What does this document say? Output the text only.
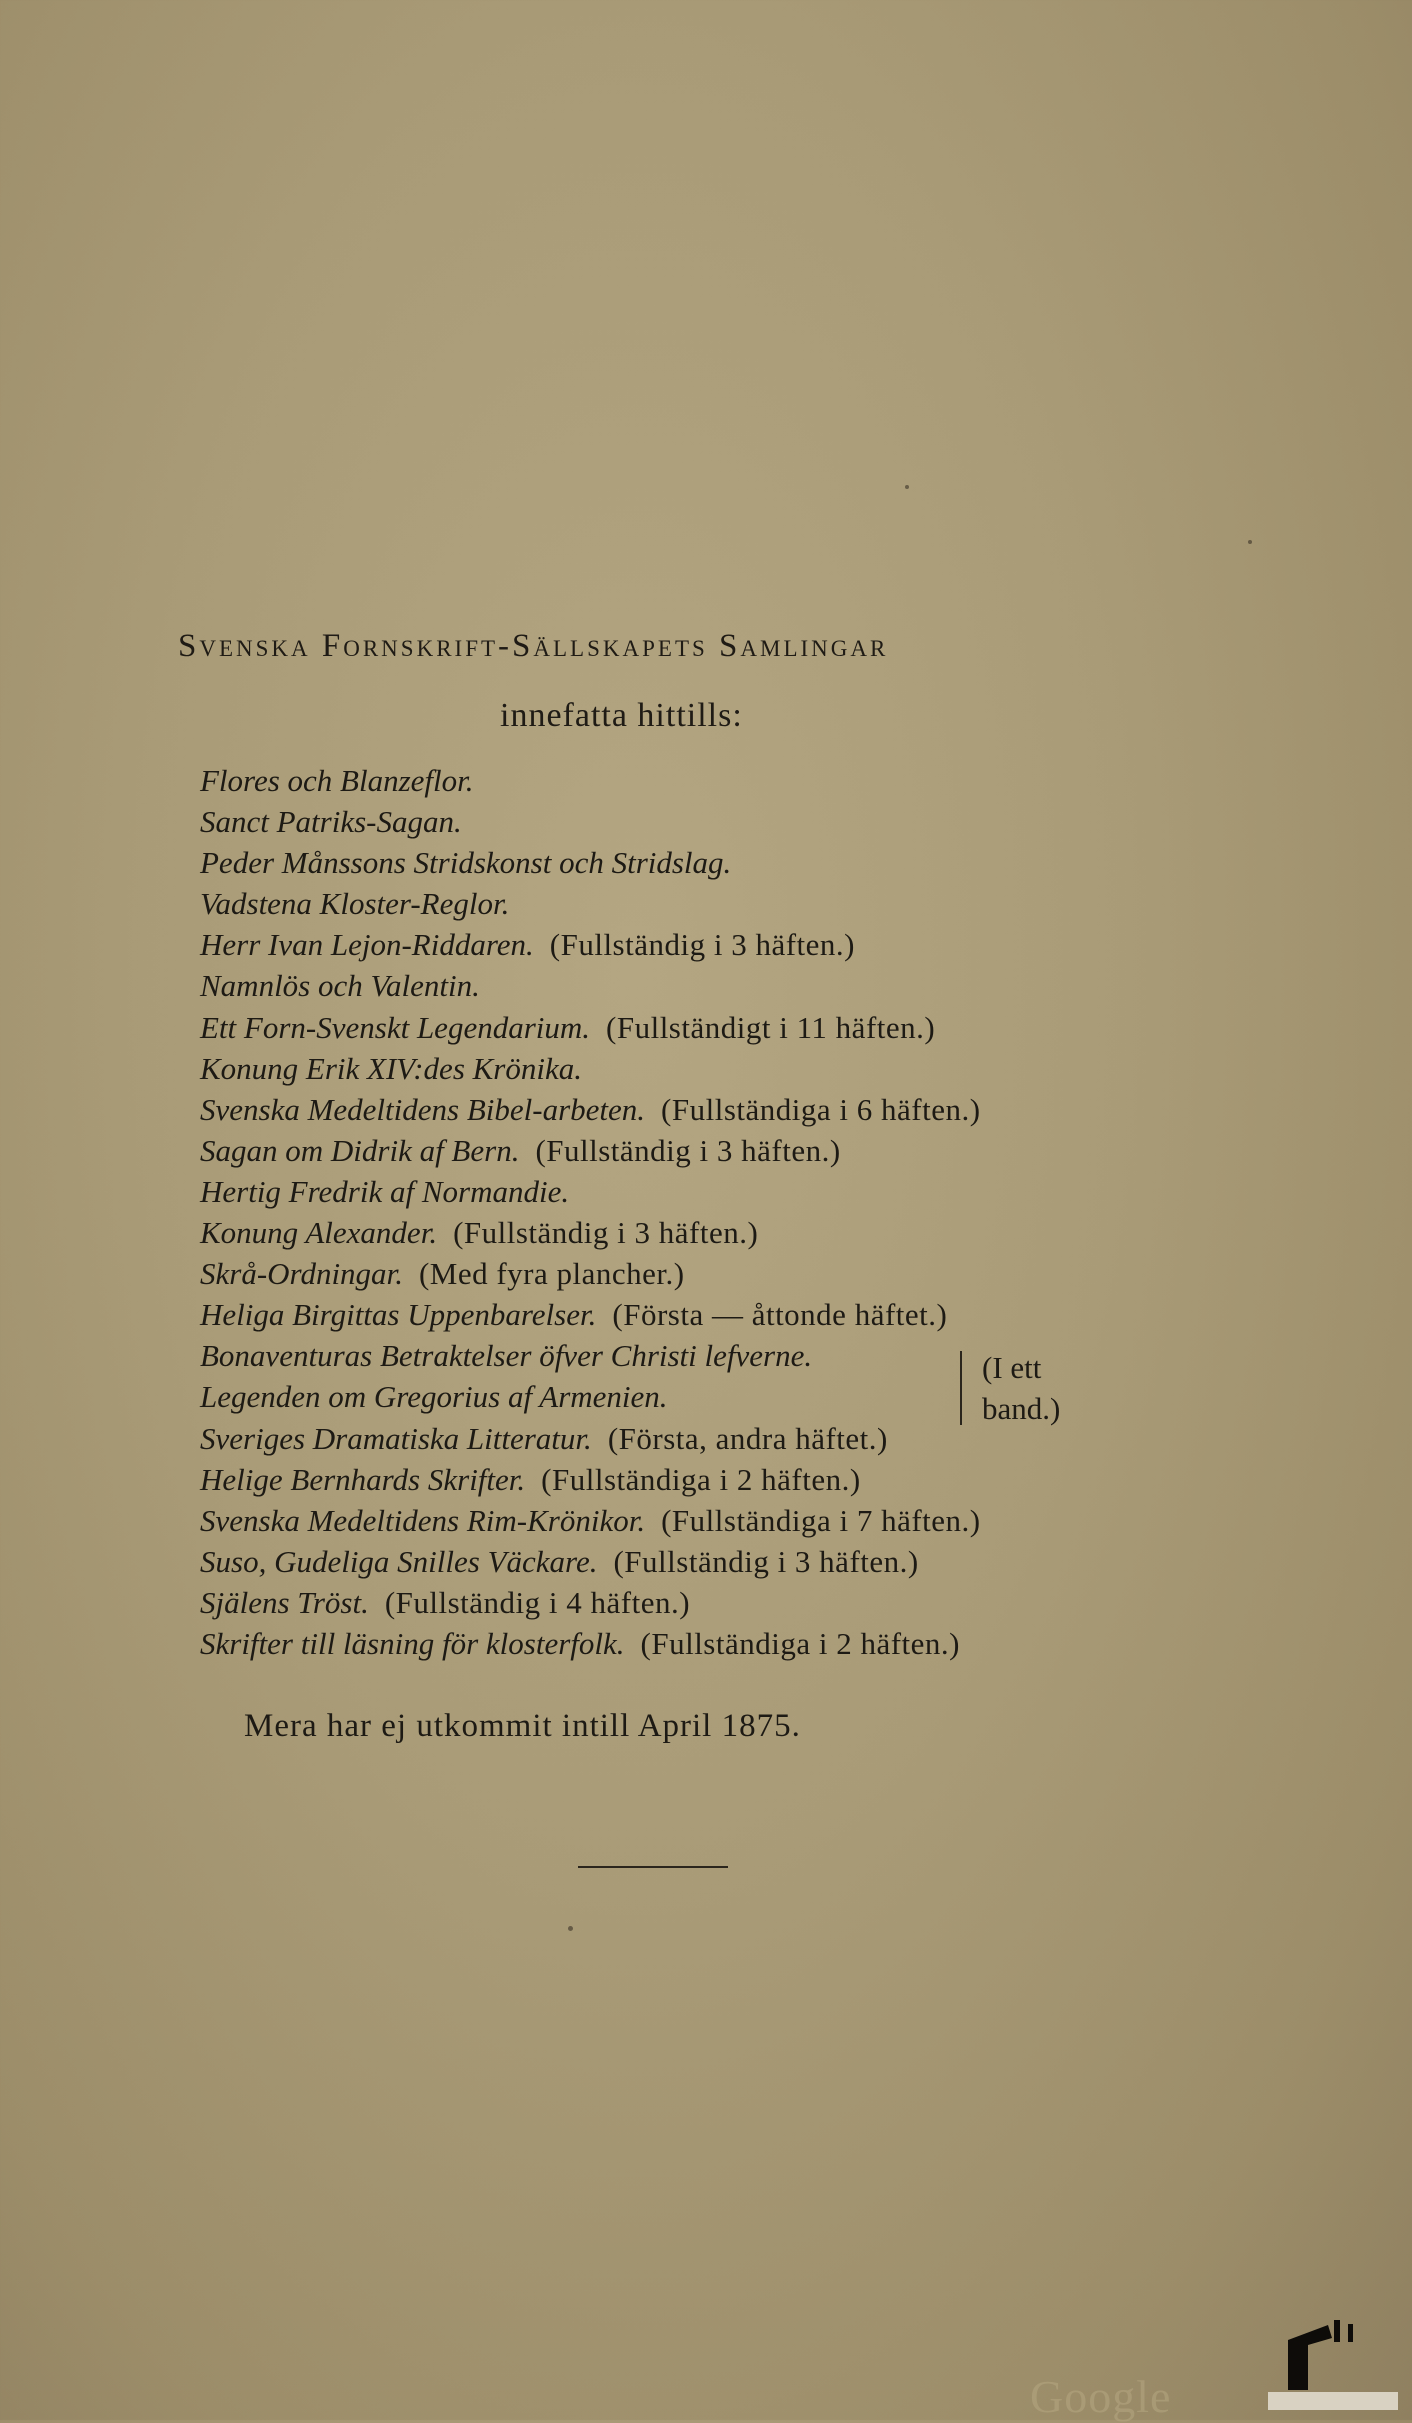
Svenska Fornskrift-Sällskapets Samlingar
innefatta hittills:
Flores och Blanzeflor.
Sanct Patriks-Sagan.
Peder Månssons Stridskonst och Stridslag.
Vadstena Kloster-Reglor.
Herr Ivan Lejon-Riddaren. (Fullständig i 3 häften.)
Namnlös och Valentin.
Ett Forn-Svenskt Legendarium. (Fullständigt i 11 häften.)
Konung Erik XIV:des Krönika.
Svenska Medeltidens Bibel-arbeten. (Fullständiga i 6 häften.)
Sagan om Didrik af Bern. (Fullständig i 3 häften.)
Hertig Fredrik af Normandie.
Konung Alexander. (Fullständig i 3 häften.)
Skrå-Ordningar. (Med fyra plancher.)
Heliga Birgittas Uppenbarelser. (Första — åttonde häftet.)
Bonaventuras Betraktelser öfver Christi lefverne.
Legenden om Gregorius af Armenien.
Sveriges Dramatiska Litteratur. (Första, andra häftet.)
Helige Bernhards Skrifter. (Fullständiga i 2 häften.)
Svenska Medeltidens Rim-Krönikor. (Fullständiga i 7 häften.)
Suso, Gudeliga Snilles Väckare. (Fullständig i 3 häften.)
Själens Tröst. (Fullständig i 4 häften.)
Skrifter till läsning för klosterfolk. (Fullständiga i 2 häften.)
(I ett
band.)
Mera har ej utkommit intill April 1875.
Google
